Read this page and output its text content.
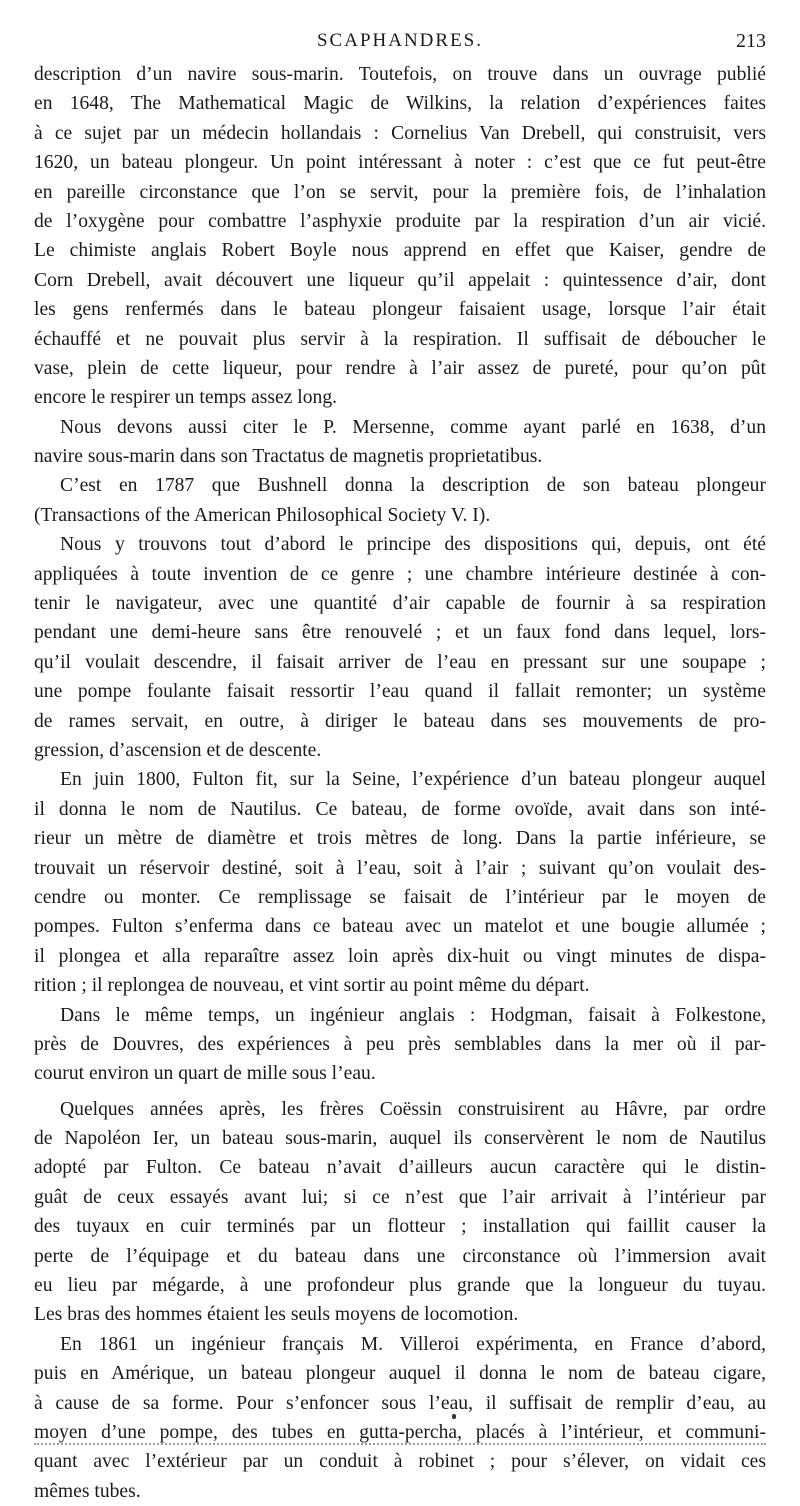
SCAPHANDRES.	213
description d’un navire sous-marin. Toutefois, on trouve dans un ouvrage publié
en 1648, The Mathematical Magic de Wilkins, la relation d’expériences faites
à ce sujet par un médecin hollandais : Cornelius Van Drebell, qui construisit, vers
1620, un bateau plongeur. Un point intéressant à noter : c’est que ce fut peut-être
en pareille circonstance que l’on se servit, pour la première fois, de l’inhalation
de l’oxygène pour combattre l’asphyxie produite par la respiration d’un air vicié.
Le chimiste anglais Robert Boyle nous apprend en effet que Kaiser, gendre de
Corn Drebell, avait découvert une liqueur qu’il appelait : quintessence d’air, dont
les gens renfermés dans le bateau plongeur faisaient usage, lorsque l’air était
échauffé et ne pouvait plus servir à la respiration. Il suffisait de déboucher le
vase, plein de cette liqueur, pour rendre à l’air assez de pureté, pour qu’on pût
encore le respirer un temps assez long.
Nous devons aussi citer le P. Mersenne, comme ayant parlé en 1638, d’un
navire sous-marin dans son Tractatus de magnetis proprietatibus.
C’est en 1787 que Bushnell donna la description de son bateau plongeur
(Transactions of the American Philosophical Society V. I).
Nous y trouvons tout d’abord le principe des dispositions qui, depuis, ont été
appliquées à toute invention de ce genre ; une chambre intérieure destinée à con-
tenir le navigateur, avec une quantité d’air capable de fournir à sa respiration
pendant une demi-heure sans être renouvelé ; et un faux fond dans lequel, lors-
qu’il voulait descendre, il faisait arriver de l’eau en pressant sur une soupape ;
une pompe foulante faisait ressortir l’eau quand il fallait remonter; un système
de rames servait, en outre, à diriger le bateau dans ses mouvements de pro-
gression, d’ascension et de descente.
En juin 1800, Fulton fit, sur la Seine, l’expérience d’un bateau plongeur auquel
il donna le nom de Nautilus. Ce bateau, de forme ovoïde, avait dans son inté-
rieur un mètre de diamètre et trois mètres de long. Dans la partie inférieure, se
trouvait un réservoir destiné, soit à l’eau, soit à l’air ; suivant qu’on voulait des-
cendre ou monter. Ce remplissage se faisait de l’intérieur par le moyen de
pompes. Fulton s’enferma dans ce bateau avec un matelot et une bougie allumée ;
il plongea et alla reparaître assez loin après dix-huit ou vingt minutes de dispa-
rition ; il replongea de nouveau, et vint sortir au point même du départ.
Dans le même temps, un ingénieur anglais : Hodgman, faisait à Folkestone,
près de Douvres, des expériences à peu près semblables dans la mer où il par-
courut environ un quart de mille sous l’eau.
Quelques années après, les frères Coëssin construisirent au Hâvre, par ordre
de Napoléon Ier, un bateau sous-marin, auquel ils conservèrent le nom de Nautilus
adopté par Fulton. Ce bateau n’avait d’ailleurs aucun caractère qui le distin-
guât de ceux essayés avant lui; si ce n’est que l’air arrivait à l’intérieur par
des tuyaux en cuir terminés par un flotteur ; installation qui faillit causer la
perte de l’équipage et du bateau dans une circonstance où l’immersion avait
eu lieu par mégarde, à une profondeur plus grande que la longueur du tuyau.
Les bras des hommes étaient les seuls moyens de locomotion.
En 1861 un ingénieur français M. Villeroi expérimenta, en France d’abord,
puis en Amérique, un bateau plongeur auquel il donna le nom de bateau cigare,
à cause de sa forme. Pour s’enfoncer sous l’eau, il suffisait de remplir d’eau, au
moyen d’une pompe, des tubes en gutta-percha, placés à l’intérieur, et communi-
quant avec l’extérieur par un conduit à robinet ; pour s’élever, on vidait ces
mêmes tubes.
